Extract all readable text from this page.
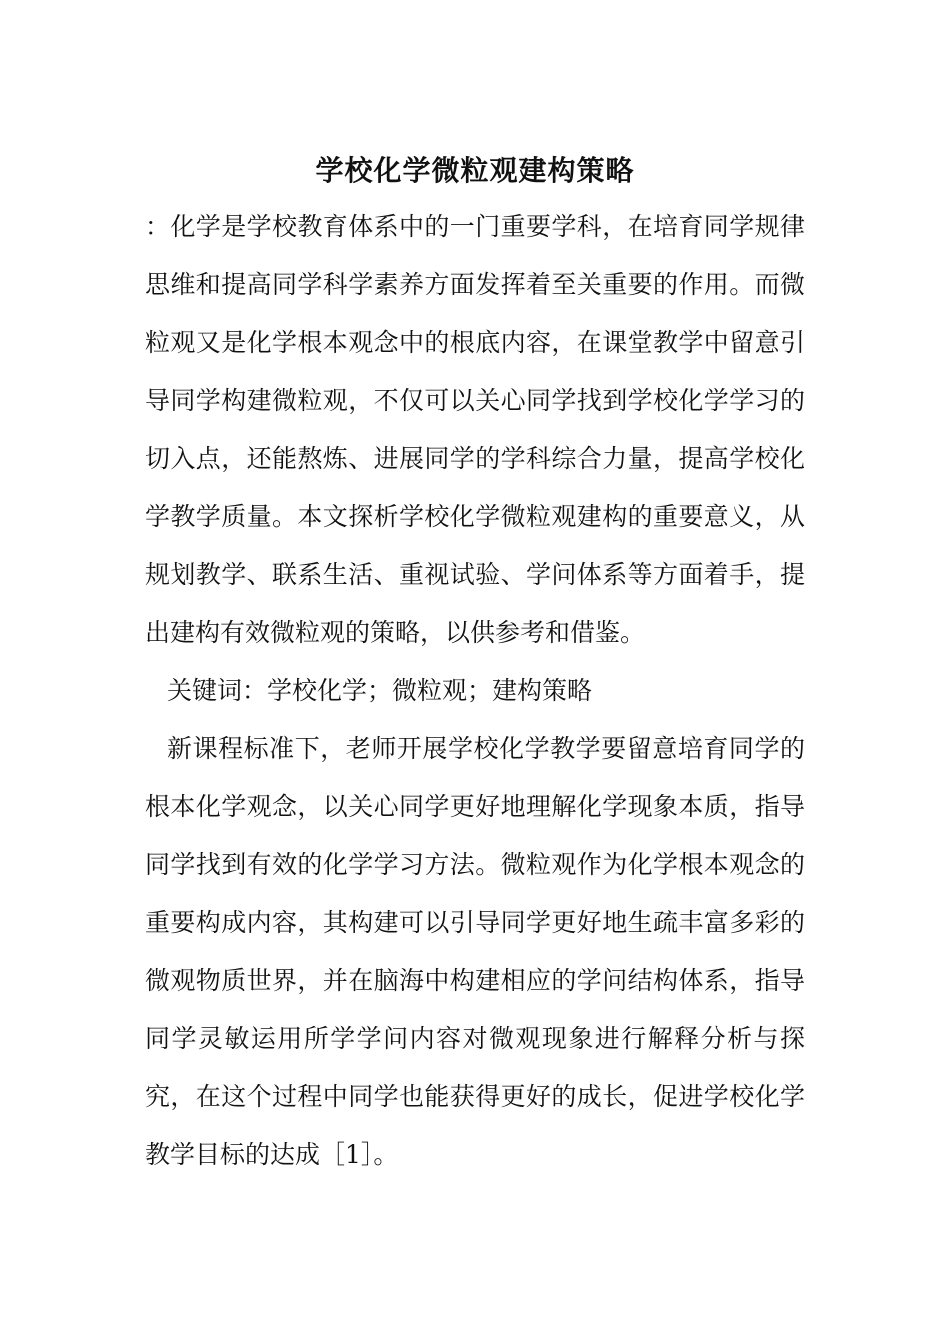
学校化学微粒观建构策略

：化学是学校教育体系中的一门重要学科，在培育同学规律思维和提高同学科学素养方面发挥着至关重要的作用。而微粒观又是化学根本观念中的根底内容，在课堂教学中留意引导同学构建微粒观，不仅可以关心同学找到学校化学学习的切入点，还能熬炼、进展同学的学科综合力量，提高学校化学教学质量。本文探析学校化学微粒观建构的重要意义，从规划教学、联系生活、重视试验、学问体系等方面着手，提出建构有效微粒观的策略，以供参考和借鉴。

关键词：学校化学；微粒观；建构策略

新课程标准下，老师开展学校化学教学要留意培育同学的根本化学观念，以关心同学更好地理解化学现象本质，指导同学找到有效的化学学习方法。微粒观作为化学根本观念的重要构成内容，其构建可以引导同学更好地生疏丰富多彩的微观物质世界，并在脑海中构建相应的学问结构体系，指导同学灵敏运用所学学问内容对微观现象进行解释分析与探究，在这个过程中同学也能获得更好的成长，促进学校化学教学目标的达成［1］。
